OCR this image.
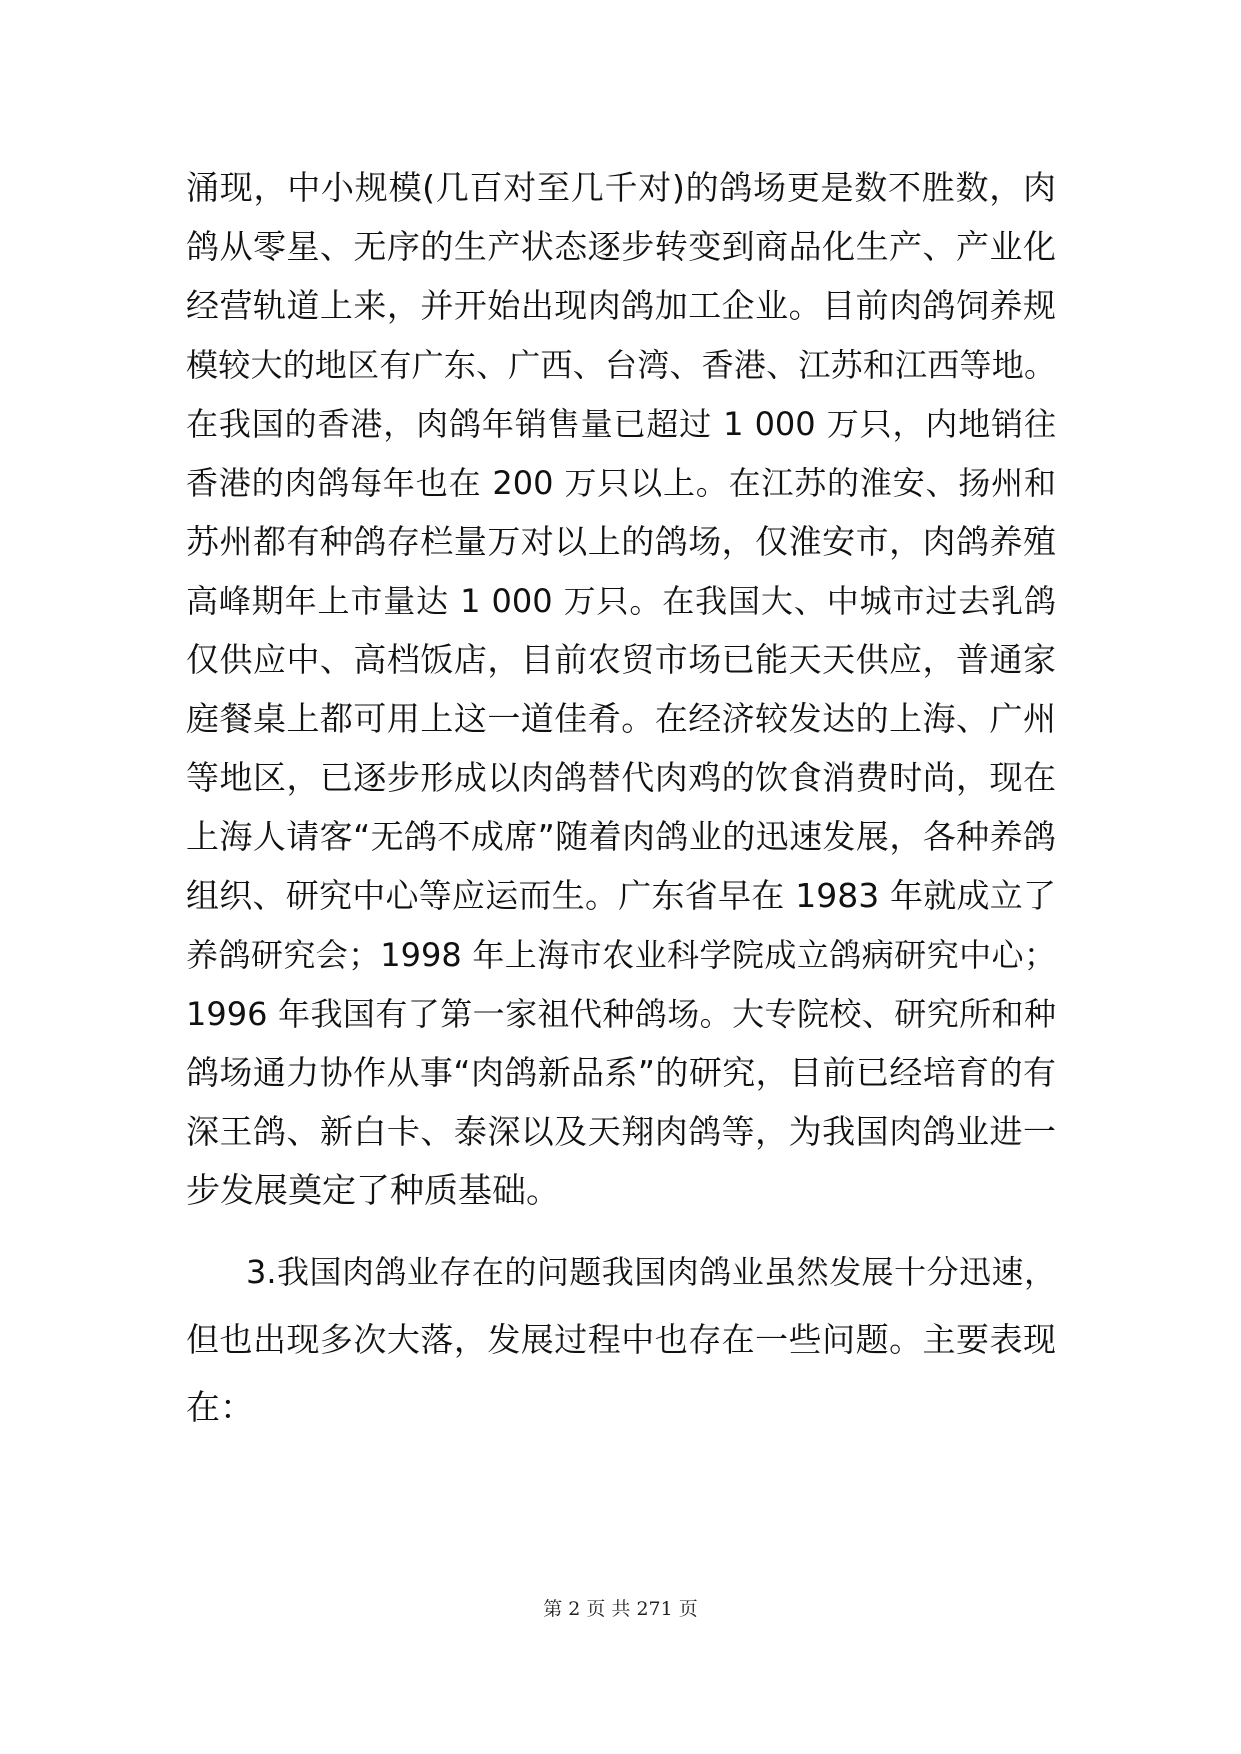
涌现，中小规模(几百对至几千对)的鸽场更是数不胜数，肉
鸽从零星、无序的生产状态逐步转变到商品化生产、产业化
经营轨道上来，并开始出现肉鸽加工企业。目前肉鸽饲养规
模较大的地区有广东、广西、台湾、香港、江苏和江西等地。
在我国的香港，肉鸽年销售量已超过 1 000 万只，内地销往
香港的肉鸽每年也在 200 万只以上。在江苏的淮安、扬州和
苏州都有种鸽存栏量万对以上的鸽场，仅淮安市，肉鸽养殖
高峰期年上市量达 1 000 万只。在我国大、中城市过去乳鸽
仅供应中、高档饭店，目前农贸市场已能天天供应，普通家
庭餐桌上都可用上这一道佳肴。在经济较发达的上海、广州
等地区，已逐步形成以肉鸽替代肉鸡的饮食消费时尚，现在
上海人请客“无鸽不成席”随着肉鸽业的迅速发展，各种养鸽
组织、研究中心等应运而生。广东省早在 1983 年就成立了
养鸽研究会；1998 年上海市农业科学院成立鸽病研究中心；
1996 年我国有了第一家祖代种鸽场。大专院校、研究所和种
鸽场通力协作从事“肉鸽新品系”的研究，目前已经培育的有
深王鸽、新白卡、泰深以及天翔肉鸽等，为我国肉鸽业进一
步发展奠定了种质基础。
3.我国肉鸽业存在的问题我国肉鸽业虽然发展十分迅速，
但也出现多次大落，发展过程中也存在一些问题。主要表现
在：
第 2 页 共 271 页
